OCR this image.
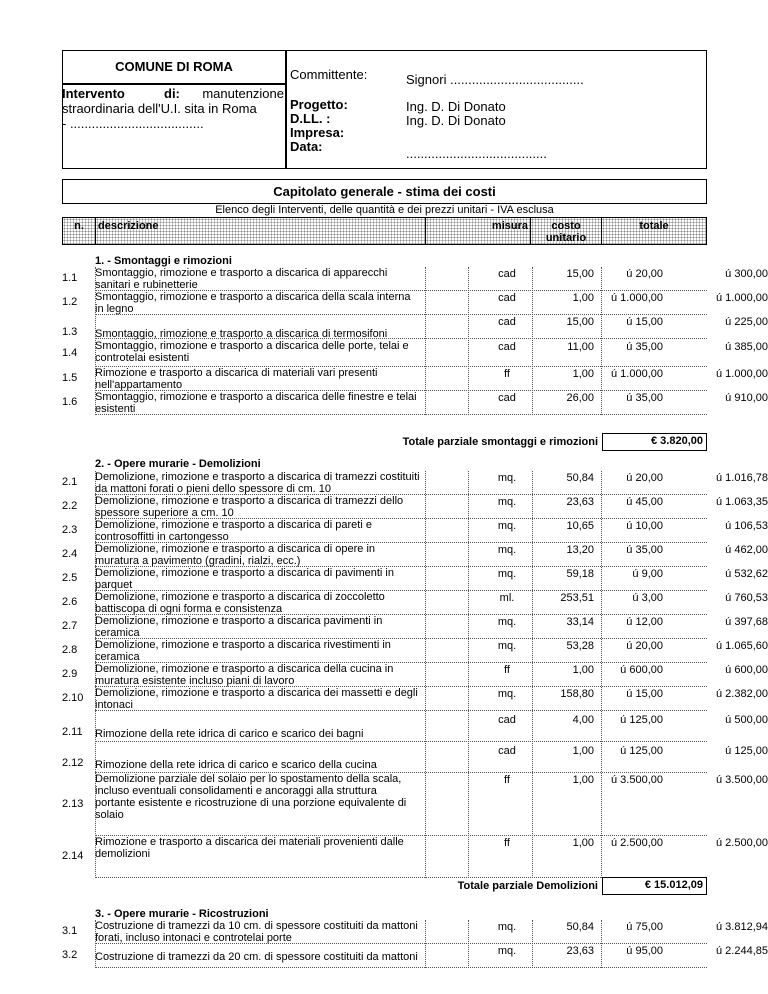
COMUNE DI ROMA
Intervento	di: manutenzione
straordinaria dell'U.I. sita in Roma
- .....................................
Committente:	Signori .....................................
Progetto:	Ing. D. Di Donato
D.LL. :	Ing. D. Di Donato
Impresa:
Data:	.......................................
Capitolato generale - stima dei costi
Elenco degli Interventi, delle quantità e dei prezzi unitari - IVA esclusa
n.	descrizione	misura	costo
unitario
totale
1. - Smontaggi e rimozioni
1.1	Smontaggio, rimozione e trasporto a discarica di apparecchi
sanitari e rubinetterie
cad	15,00	ú 20,00	ú 300,00
1.2	Smontaggio, rimozione e trasporto a discarica della scala interna
in legno
cad	1,00	ú 1.000,00	ú 1.000,00
1.3	Smontaggio, rimozione e trasporto a discarica di termosifoni
cad	15,00	ú 15,00	ú 225,00
1.4
Smontaggio, rimozione e trasporto a discarica delle porte, telai e
controtelai esistenti
cad	11,00	ú 35,00	ú 385,00
1.5	Rimozione e trasporto a discarica di materiali vari presenti
nell'appartamento
ff	1,00	ú 1.000,00	ú 1.000,00
1.6	Smontaggio, rimozione e trasporto a discarica delle finestre e telai
esistenti
cad	26,00	ú 35,00	ú 910,00
Totale parziale smontaggi e rimozioni	€ 3.820,00
2. - Opere murarie - Demolizioni
2.1	Demolizione, rimozione e trasporto a discarica di tramezzi costituiti
da mattoni forati o pieni dello spessore di cm. 10
mq.	50,84	ú 20,00	ú 1.016,78
2.2	Demolizione, rimozione e trasporto a discarica di tramezzi dello
spessore superiore a cm. 10
mq.	23,63	ú 45,00	ú 1.063,35
2.3	Demolizione, rimozione e trasporto a discarica di pareti e
controsoffitti in cartongesso
mq.	10,65	ú 10,00	ú 106,53
2.4	Demolizione, rimozione e trasporto a discarica di opere in
muratura a pavimento (gradini, rialzi, ecc.)
mq.	13,20	ú 35,00	ú 462,00
2.5	Demolizione, rimozione e trasporto a discarica di pavimenti in
parquet
mq.	59,18	ú 9,00	ú 532,62
2.6	Demolizione, rimozione e trasporto a discarica di zoccoletto
battiscopa di ogni forma e consistenza
ml.	253,51	ú 3,00	ú 760,53
2.7	Demolizione, rimozione e trasporto a discarica pavimenti in
ceramica
mq.	33,14	ú 12,00	ú 397,68
2.8	Demolizione, rimozione e trasporto a discarica rivestimenti in
ceramica
mq.	53,28	ú 20,00	ú 1.065,60
2.9	Demolizione, rimozione e trasporto a discarica della cucina in
muratura esistente incluso piani di lavoro
ff	1,00	ú 600,00	ú 600,00
2.10	Demolizione, rimozione e trasporto a discarica dei massetti e degli
intonaci
mq.	158,80	ú 15,00	ú 2.382,00
2.11	Rimozione della rete idrica di carico e scarico dei bagni
cad	4,00	ú 125,00	ú 500,00
2.12	Rimozione della rete idrica di carico e scarico della cucina
cad	1,00	ú 125,00	ú 125,00
2.13
Demolizione parziale del solaio per lo spostamento della scala,
incluso eventuali consolidamenti e ancoraggi alla struttura
portante esistente e ricostruzione di una porzione equivalente di
solaio
ff	1,00	ú 3.500,00	ú 3.500,00
2.14
Rimozione e trasporto a discarica dei materiali provenienti dalle
demolizioni
ff	1,00	ú 2.500,00	ú 2.500,00
Totale parziale Demolizioni	€ 15.012,09
3. - Opere murarie - Ricostruzioni
3.1	Costruzione di tramezzi da 10 cm. di spessore costituiti da mattoni
forati, incluso intonaci e controtelai porte
mq.	50,84	ú 75,00	ú 3.812,94
3.2	Costruzione di tramezzi da 20 cm. di spessore costituiti da mattoni	mq.	23,63	ú 95,00	ú 2.244,85
